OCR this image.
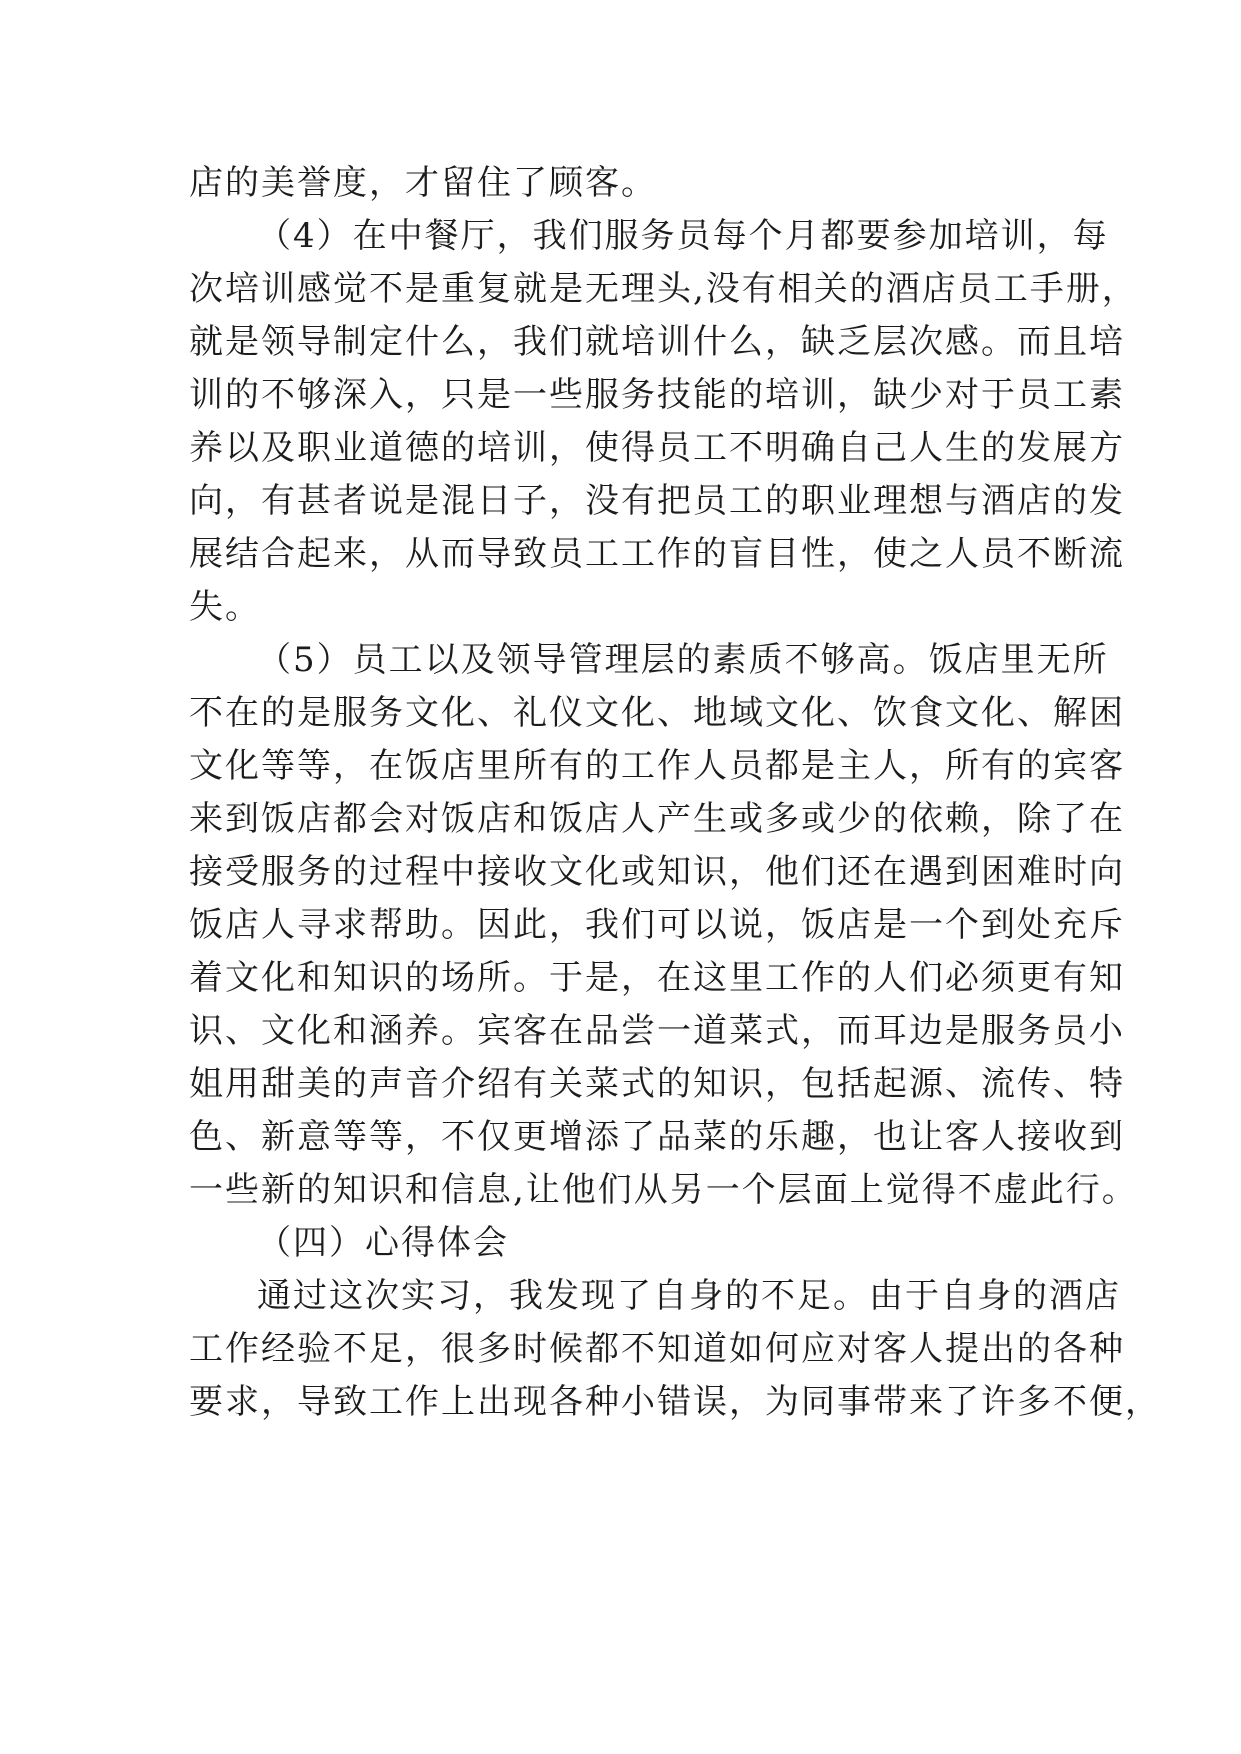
店的美誉度，才留住了顾客。
（4）在中餐厅，我们服务员每个月都要参加培训，每
次培训感觉不是重复就是无理头,没有相关的酒店员工手册，
就是领导制定什么，我们就培训什么，缺乏层次感。而且培
训的不够深入，只是一些服务技能的培训，缺少对于员工素
养以及职业道德的培训，使得员工不明确自己人生的发展方
向，有甚者说是混日子，没有把员工的职业理想与酒店的发
展结合起来，从而导致员工工作的盲目性，使之人员不断流
失。
（5）员工以及领导管理层的素质不够高。饭店里无所
不在的是服务文化、礼仪文化、地域文化、饮食文化、解困
文化等等，在饭店里所有的工作人员都是主人，所有的宾客
来到饭店都会对饭店和饭店人产生或多或少的依赖，除了在
接受服务的过程中接收文化或知识，他们还在遇到困难时向
饭店人寻求帮助。因此，我们可以说，饭店是一个到处充斥
着文化和知识的场所。于是，在这里工作的人们必须更有知
识、文化和涵养。宾客在品尝一道菜式，而耳边是服务员小
姐用甜美的声音介绍有关菜式的知识，包括起源、流传、特
色、新意等等，不仅更增添了品菜的乐趣，也让客人接收到
一些新的知识和信息,让他们从另一个层面上觉得不虚此行。
（四）心得体会
通过这次实习，我发现了自身的不足。由于自身的酒店
工作经验不足，很多时候都不知道如何应对客人提出的各种
要求，导致工作上出现各种小错误，为同事带来了许多不便，
